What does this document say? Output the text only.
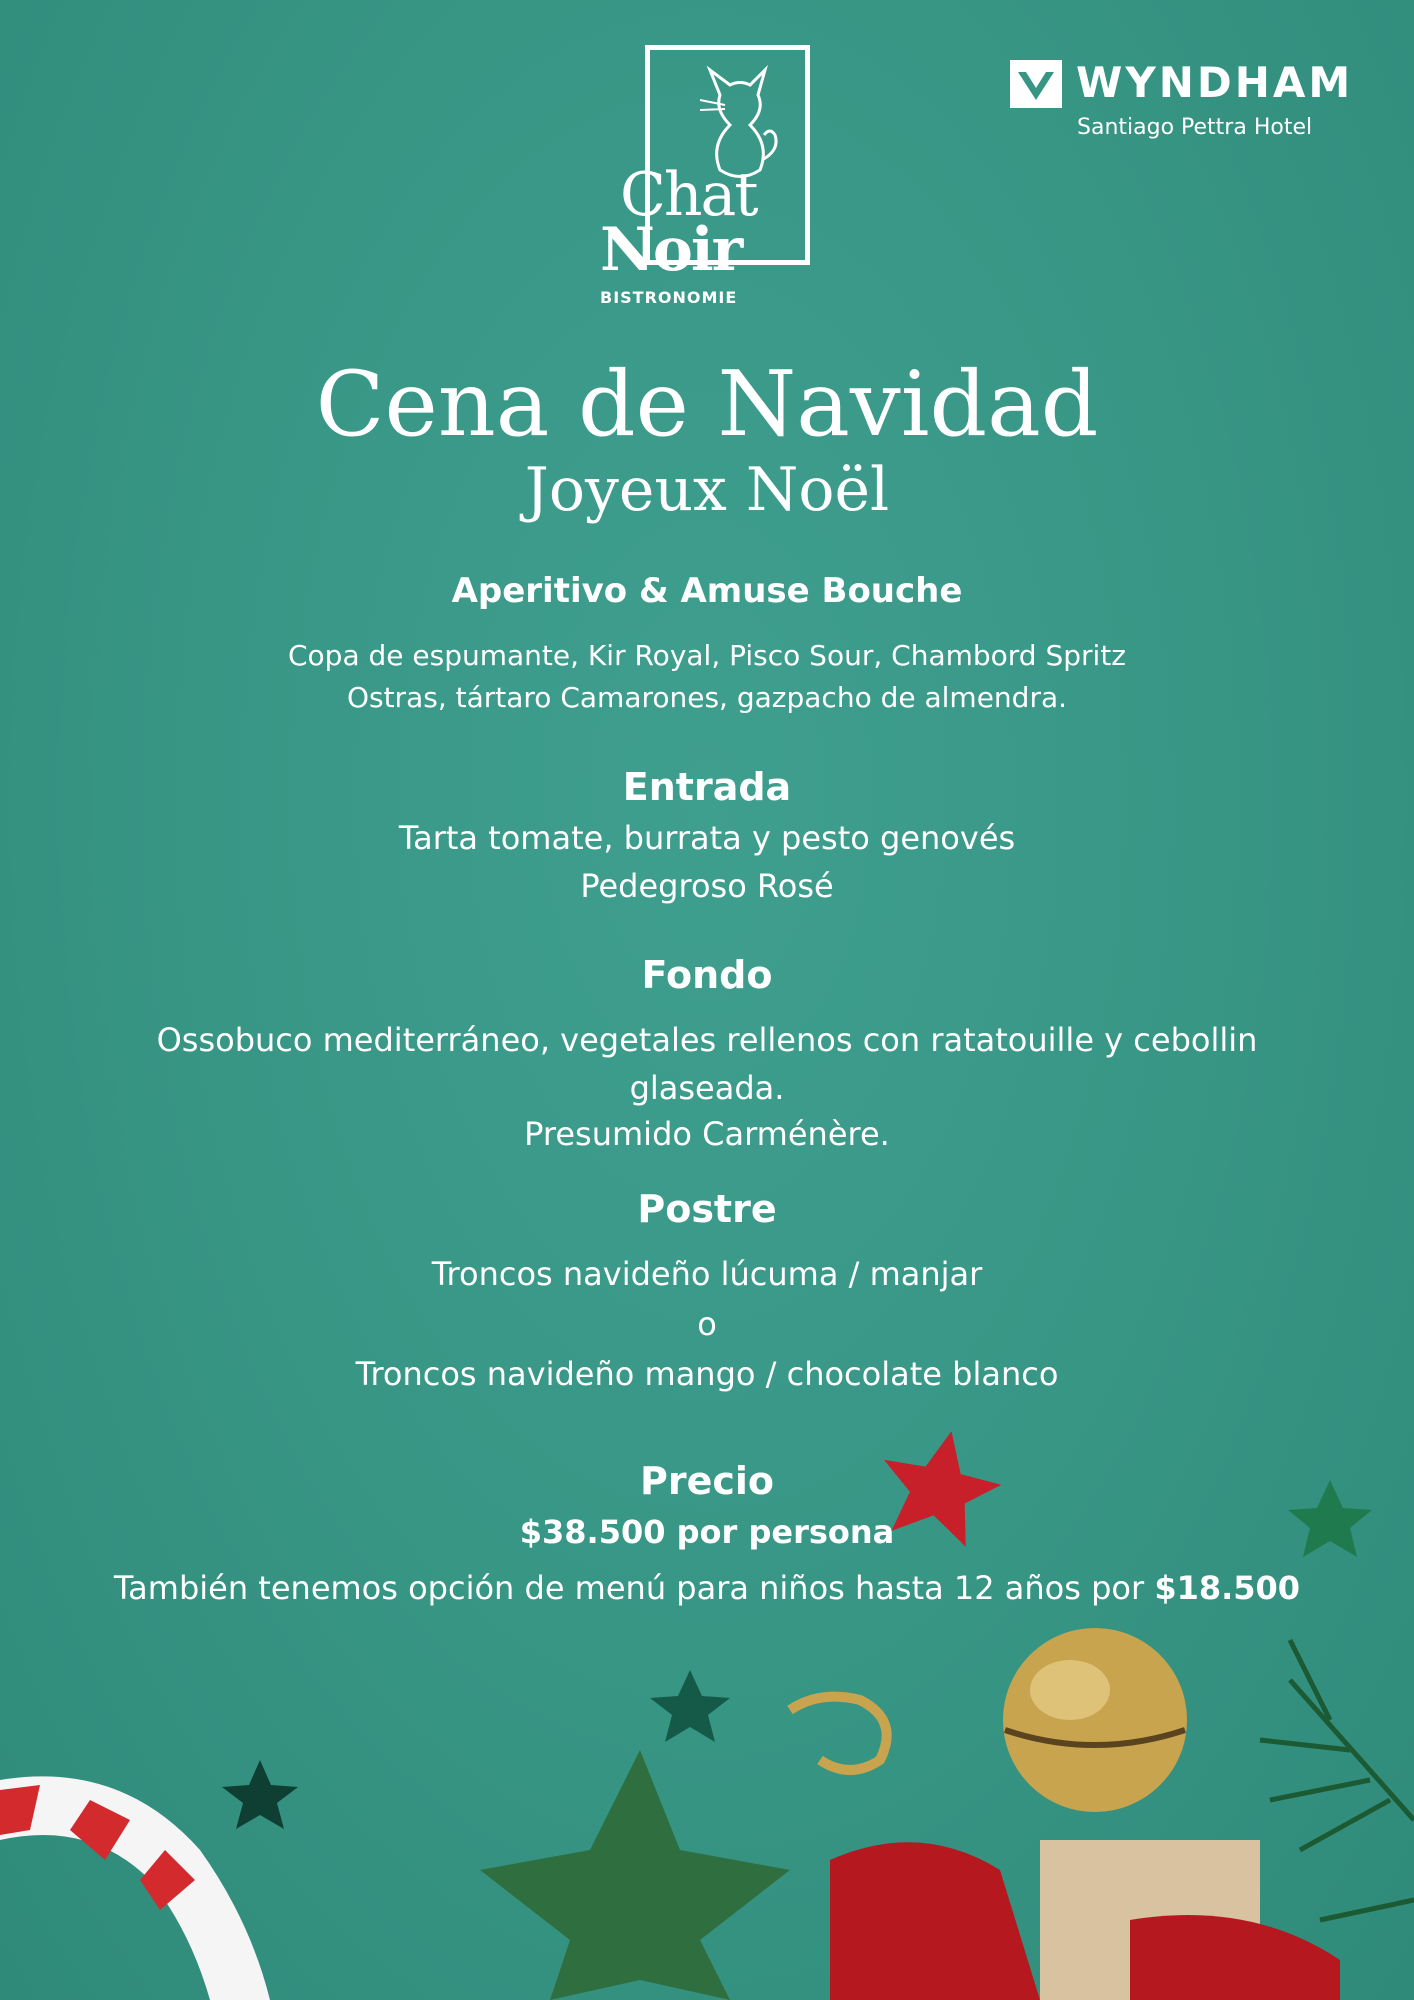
Chat
Noir
BISTRONOMIE
WYNDHAM
Santiago Pettra Hotel
Cena de Navidad
Joyeux Noël
Aperitivo & Amuse Bouche
Copa de espumante, Kir Royal, Pisco Sour, Chambord Spritz
Ostras, tártaro Camarones, gazpacho de almendra.
Entrada
Tarta tomate, burrata y pesto genovés
Pedegroso Rosé
Fondo
Ossobuco mediterráneo, vegetales rellenos con ratatouille y cebollin
glaseada.
Presumido Carménère.
Postre
Troncos navideño lúcuma / manjar
o
Troncos navideño mango / chocolate blanco
Precio
$38.500 por persona
También tenemos opción de menú para niños hasta 12 años por $18.500
